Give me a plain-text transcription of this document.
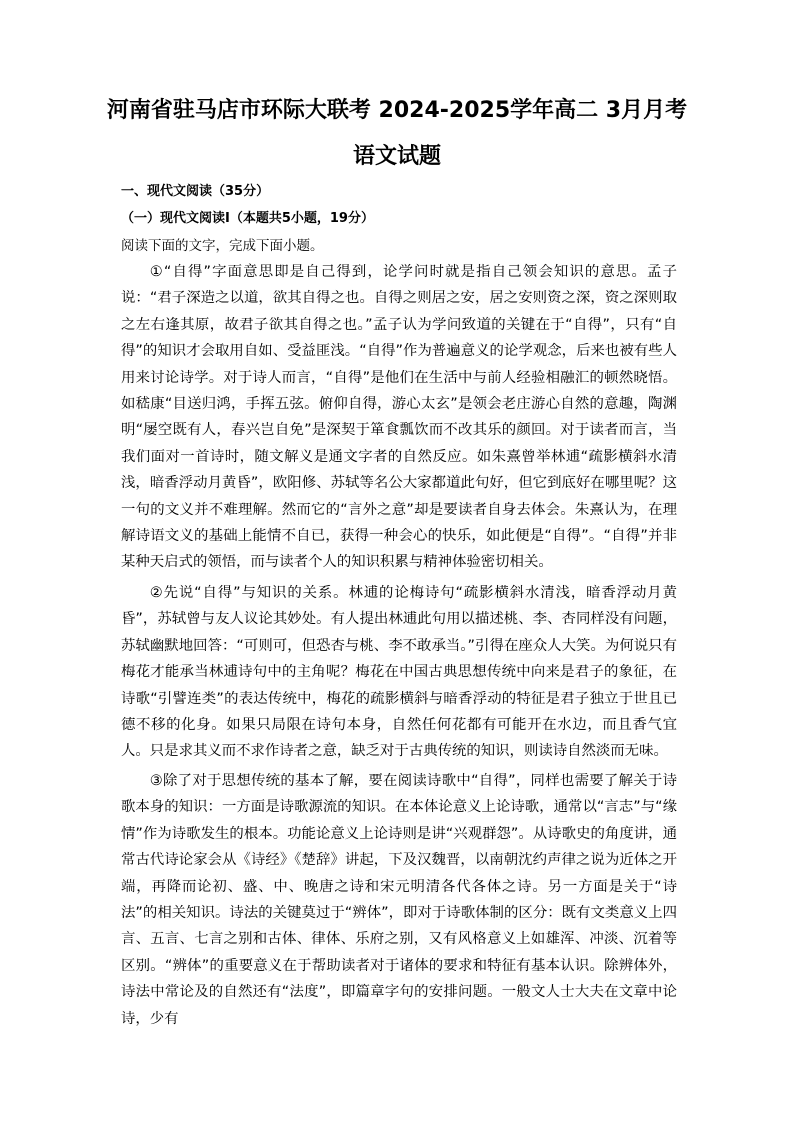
河南省驻马店市环际大联考 2024-2025学年高二 3月月考
语文试题
一、现代文阅读（35分）
（一）现代文阅读Ⅰ（本题共5小题，19分）
阅读下面的文字，完成下面小题。

①“自得”字面意思即是自己得到，论学问时就是指自己领会知识的意思。孟子说：“君子深造之以道，欲其自得之也。自得之则居之安，居之安则资之深，资之深则取之左右逢其原，故君子欲其自得之也。”孟子认为学问致道的关键在于“自得”，只有“自得”的知识才会取用自如、受益匪浅。“自得”作为普遍意义的论学观念，后来也被有些人用来讨论诗学。对于诗人而言，“自得”是他们在生活中与前人经验相融汇的顿然晓悟。如嵇康“目送归鸿，手挥五弦。俯仰自得，游心太玄”是领会老庄游心自然的意趣，陶渊明“屡空既有人，春兴岂自免”是深契于箪食瓢饮而不改其乐的颜回。对于读者而言，当我们面对一首诗时，随文解义是通文字者的自然反应。如朱熹曾举林逋“疏影横斜水清浅，暗香浮动月黄昏”，欧阳修、苏轼等名公大家都道此句好，但它到底好在哪里呢？这一句的文义并不难理解。然而它的“言外之意”却是要读者自身去体会。朱熹认为，在理解诗语文义的基础上能情不自已，获得一种会心的快乐，如此便是“自得”。“自得”并非某种天启式的领悟，而与读者个人的知识积累与精神体验密切相关。

②先说“自得”与知识的关系。林逋的论梅诗句“疏影横斜水清浅，暗香浮动月黄昏”，苏轼曾与友人议论其妙处。有人提出林逋此句用以描述桃、李、杏同样没有问题，苏轼幽默地回答：“可则可，但恐杏与桃、李不敢承当。”引得在座众人大笑。为何说只有梅花才能承当林逋诗句中的主角呢？梅花在中国古典思想传统中向来是君子的象征，在诗歌“引譬连类”的表达传统中，梅花的疏影横斜与暗香浮动的特征是君子独立于世且已德不移的化身。如果只局限在诗句本身，自然任何花都有可能开在水边，而且香气宜人。只是求其义而不求作诗者之意，缺乏对于古典传统的知识，则读诗自然淡而无味。

③除了对于思想传统的基本了解，要在阅读诗歌中“自得”，同样也需要了解关于诗歌本身的知识：一方面是诗歌源流的知识。在本体论意义上论诗歌，通常以“言志”与“缘情”作为诗歌发生的根本。功能论意义上论诗则是讲“兴观群怨”。从诗歌史的角度讲，通常古代诗论家会从《诗经》《楚辞》讲起，下及汉魏晋，以南朝沈约声律之说为近体之开端，再降而论初、盛、中、晚唐之诗和宋元明清各代各体之诗。另一方面是关于“诗法”的相关知识。诗法的关键莫过于“辨体”，即对于诗歌体制的区分：既有文类意义上四言、五言、七言之别和古体、律体、乐府之别，又有风格意义上如雄浑、冲淡、沉着等区别。“辨体”的重要意义在于帮助读者对于诸体的要求和特征有基本认识。除辨体外，诗法中常论及的自然还有“法度”，即篇章字句的安排问题。一般文人士大夫在文章中论诗，少有
